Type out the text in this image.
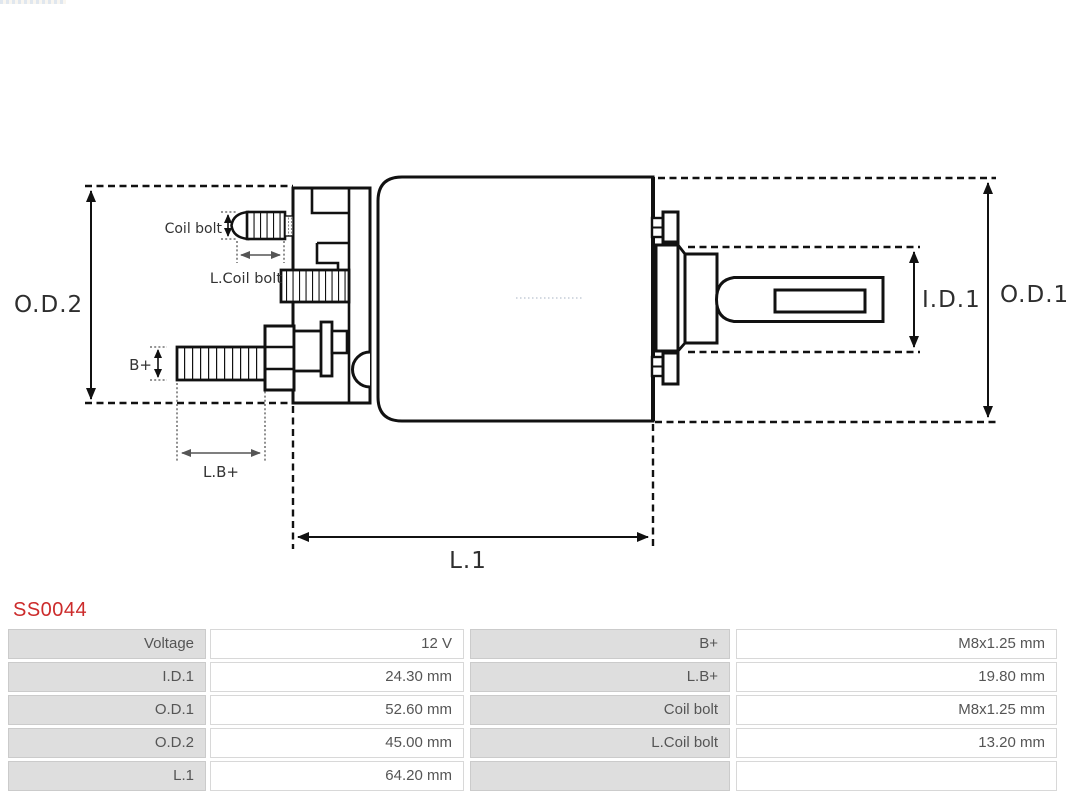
O.D.2	O.D.1
I.D.1
L.1
Coil bolt
L.Coil bolt
B+
L.B+
SS0044
Voltage	12 V	B+	M8x1.25 mm
I.D.1	24.30 mm	L.B+	19.80 mm
O.D.1	52.60 mm	Coil bolt	M8x1.25 mm
O.D.2	45.00 mm	L.Coil bolt	13.20 mm
L.1	64.20 mm
